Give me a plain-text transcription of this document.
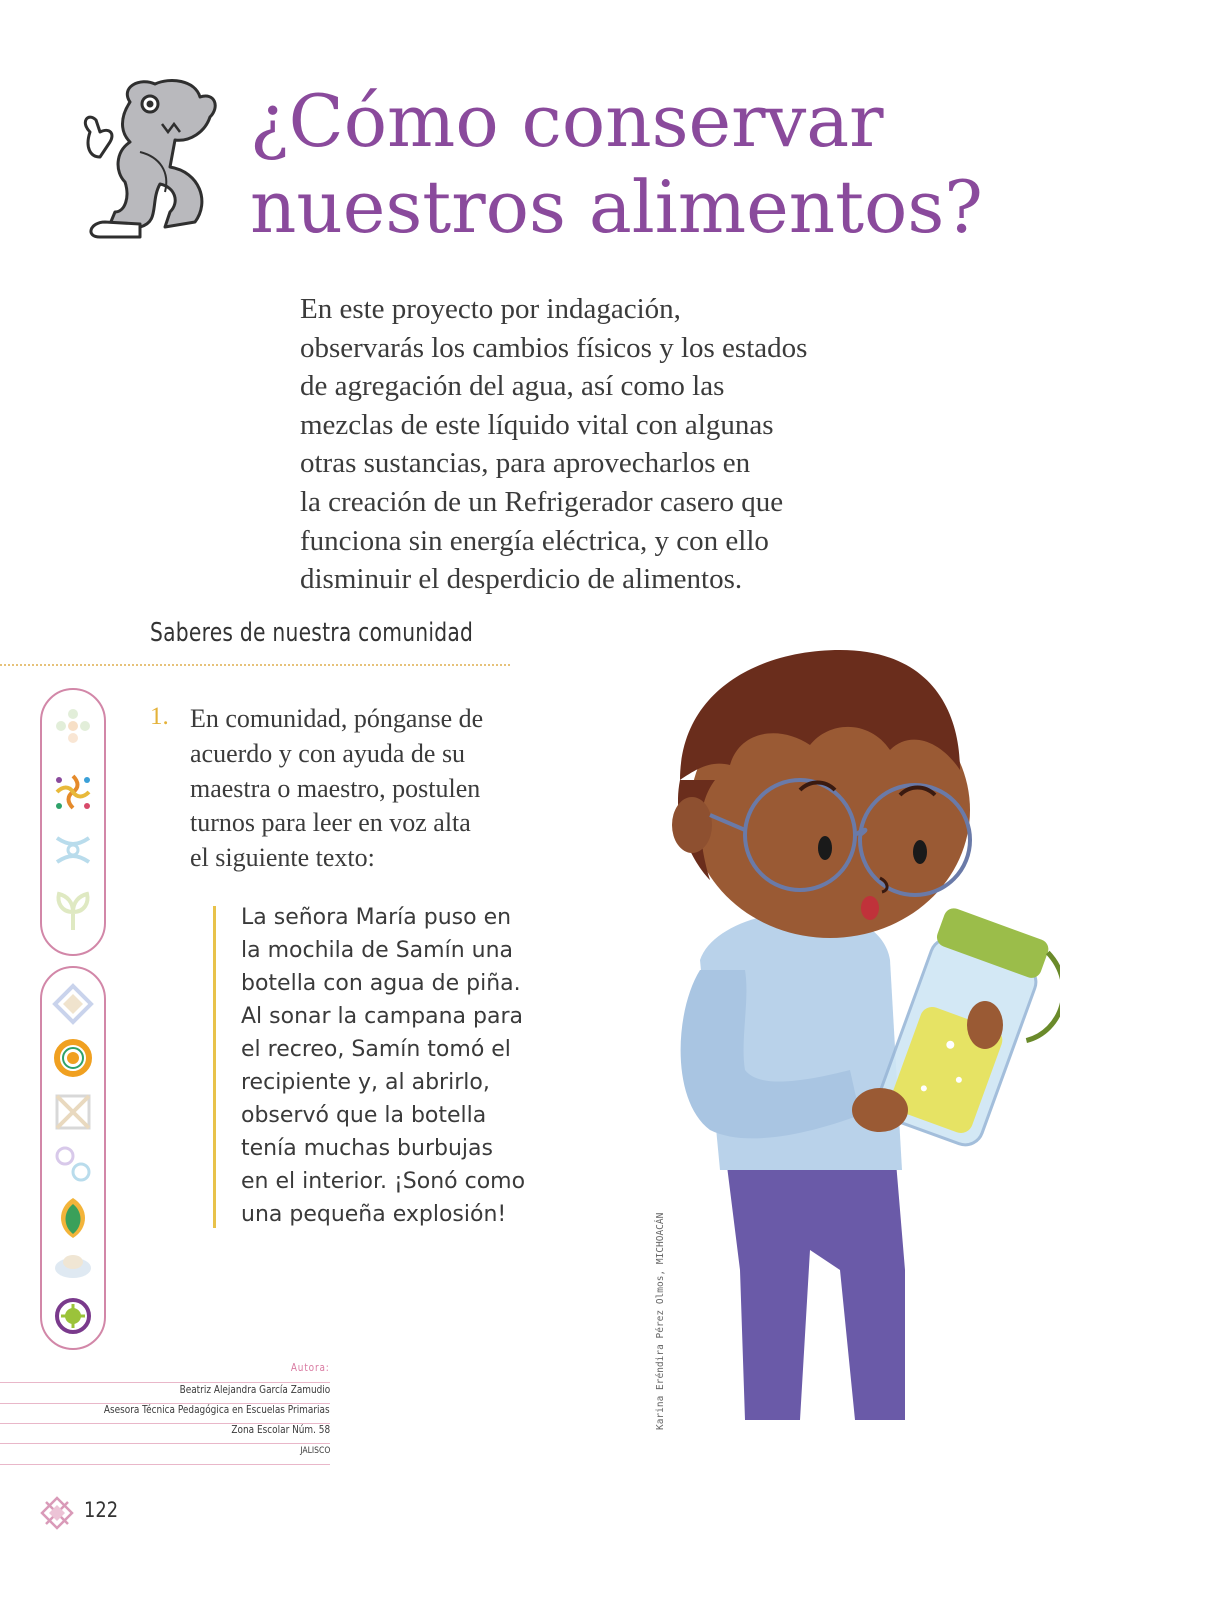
¿Cómo conservar
nuestros alimentos?
En este proyecto por indagación,
observarás los cambios físicos y los estados
de agregación del agua, así como las
mezclas de este líquido vital con algunas
otras sustancias, para aprovecharlos en
la creación de un Refrigerador casero que
funciona sin energía eléctrica, y con ello
disminuir el desperdicio de alimentos.
Saberes de nuestra comunidad
1. En comunidad, pónganse de
acuerdo y con ayuda de su
maestra o maestro, postulen
turnos para leer en voz alta
el siguiente texto:
La señora María puso en
la mochila de Samín una
botella con agua de piña.
Al sonar la campana para
el recreo, Samín tomó el
recipiente y, al abrirlo,
observó que la botella
tenía muchas burbujas
en el interior. ¡Sonó como
una pequeña explosión!	Karina Eréndira Pérez Olmos, MICHOACÁN
Autora:
Beatriz Alejandra García Zamudio
Asesora Técnica Pedagógica en Escuelas Primarias
Zona Escolar Núm. 58
JALISCO
122
